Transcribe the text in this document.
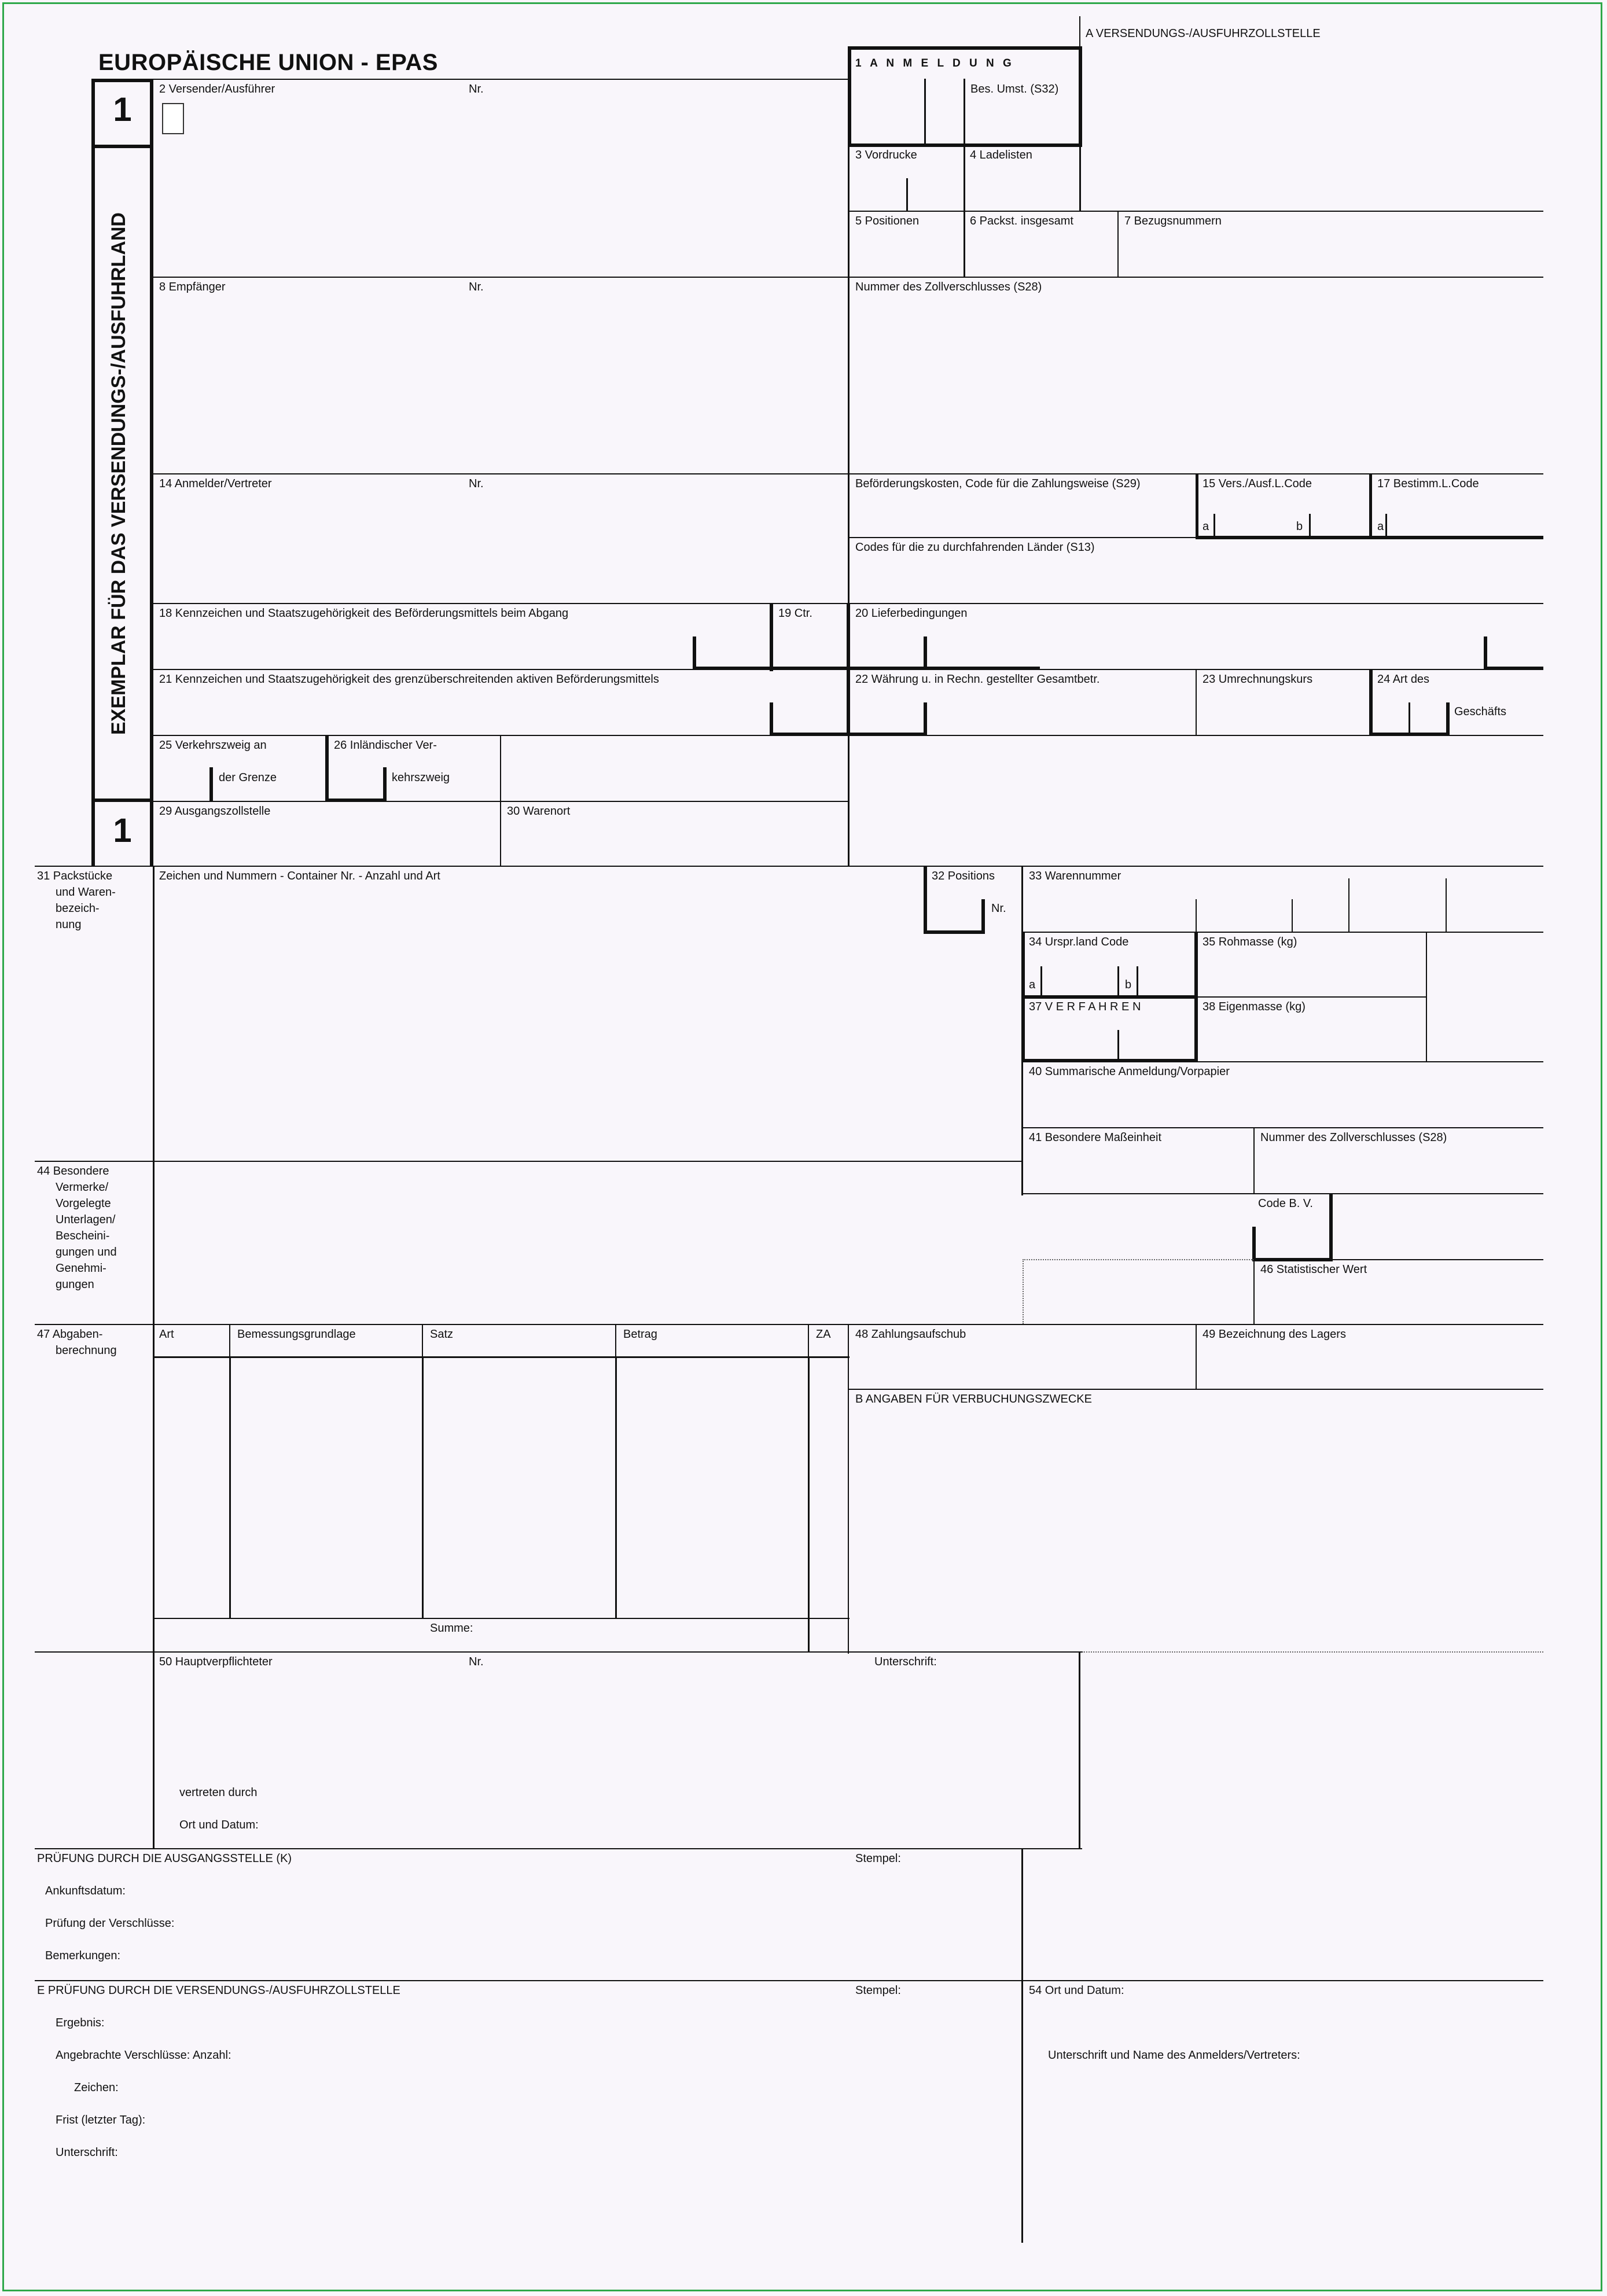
EUROPÄISCHE UNION - EPAS
A VERSENDUNGS-/AUSFUHRZOLLSTELLE
1
1
EXEMPLAR FÜR DAS VERSENDUNGS-/AUSFUHRLAND
1 A N M E L D U N G
Bes. Umst. (S32)
2 Versender/Ausführer	Nr.
3 Vordrucke	4 Ladelisten
5 Positionen	6 Packst. insgesamt	7 Bezugsnummern
8 Empfänger	Nr.	Nummer des Zollverschlusses (S28)
14 Anmelder/Vertreter	Nr.	Beförderungskosten, Code für die Zahlungsweise (S29)	15 Vers./Ausf.L.Code	17 Bestimm.L.Code
a	b	a
Codes für die zu durchfahrenden Länder (S13)
18 Kennzeichen und Staatszugehörigkeit des Beförderungsmittels beim Abgang	19 Ctr.	20 Lieferbedingungen
21 Kennzeichen und Staatszugehörigkeit des grenzüberschreitenden aktiven Beförderungsmittels	22 Währung u. in Rechn. gestellter Gesamtbetr.	23 Umrechnungskurs	24 Art des
Geschäfts
25 Verkehrszweig an
der Grenze
26 Inländischer Ver-
kehrszweig
29 Ausgangszollstelle	30 Warenort
31 Packstücke
und Waren-
bezeich-
nung
Zeichen und Nummern - Container Nr. - Anzahl und Art	32 Positions
Nr.
33 Warennummer
34 Urspr.land Code
a	b
35 Rohmasse (kg)
37 V E R F A H R E N	38 Eigenmasse (kg)
40 Summarische Anmeldung/Vorpapier
41 Besondere Maßeinheit	Nummer des Zollverschlusses (S28)
44 Besondere
Vermerke/
Vorgelegte
Unterlagen/
Bescheini-
gungen und
Genehmi-
gungen
Code B. V.
46 Statistischer Wert
47 Abgaben-
berechnung
Art	Bemessungsgrundlage	Satz	Betrag	ZA
Summe:
48 Zahlungsaufschub	49 Bezeichnung des Lagers
B ANGABEN FÜR VERBUCHUNGSZWECKE
50 Hauptverpflichteter	Nr.	Unterschrift:
vertreten durch
Ort und Datum:
PRÜFUNG DURCH DIE AUSGANGSSTELLE (K)	Stempel:
Ankunftsdatum:
Prüfung der Verschlüsse:
Bemerkungen:
E PRÜFUNG DURCH DIE VERSENDUNGS-/AUSFUHRZOLLSTELLE	Stempel:	54 Ort und Datum:
Ergebnis:
Angebrachte Verschlüsse: Anzahl:
Zeichen:
Frist (letzter Tag):
Unterschrift:
Unterschrift und Name des Anmelders/Vertreters:
